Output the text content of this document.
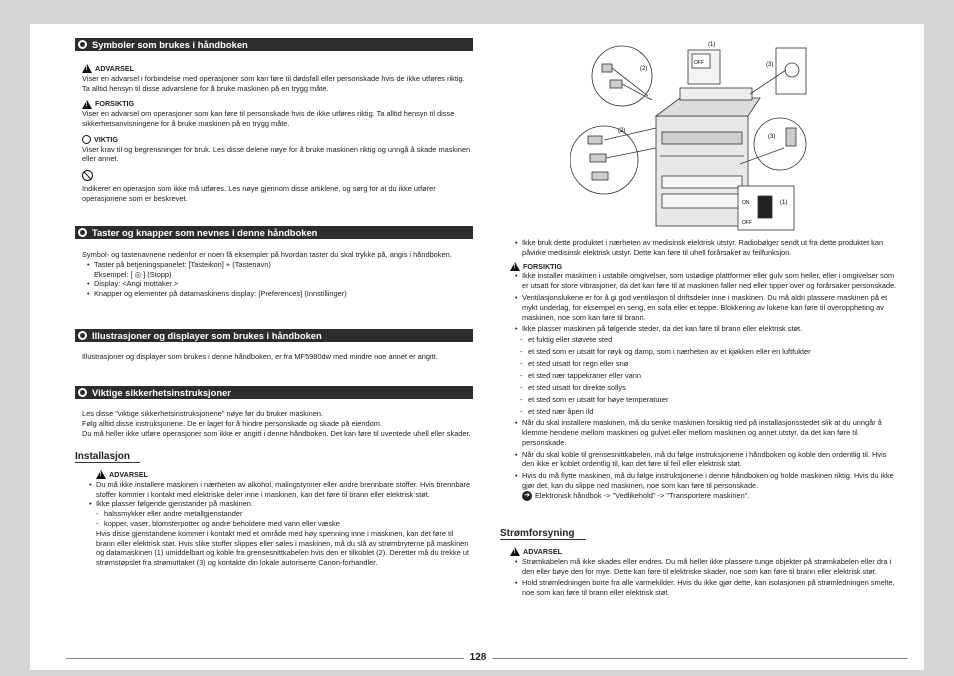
Symboler som brukes i håndboken
!
ADVARSEL
Viser en advarsel i forbindelse med operasjoner som kan føre til dødsfall eller personskade hvis de ikke utføres riktig. Ta alltid hensyn til disse advarslene for å bruke maskinen på en trygg måte.
!
FORSIKTIG
Viser en advarsel om operasjoner som kan føre til personskade hvis de ikke utføres riktig. Ta alltid hensyn til disse sikkerhetsanvisningene for å bruke maskinen på en trygg måte.
VIKTIG
Viser krav til og begrensninger for bruk. Les disse delene nøye for å bruke maskinen riktig og unngå å skade maskinen eller annet.
Indikerer en operasjon som ikke må utføres. Les nøye gjennom disse artiklene, og sørg for at du ikke utfører operasjonene som er beskrevet.
Taster og knapper som nevnes i denne håndboken
Symbol- og tastenavnene nedenfor er noen få eksempler på hvordan taster du skal trykke på, angis i håndboken.
• Taster på betjeningspanelet: [Tasteikon] + (Tastenavn)
Eksempel: [ ◎ ] (Stopp)
• Display: <Angi mottaker.>
• Knapper og elementer på datamaskinens display: [Preferences] (Innstillinger)
Illustrasjoner og displayer som brukes i håndboken
Illustrasjoner og displayer som brukes i denne håndboken, er fra MF5980dw med mindre noe annet er angitt.
Viktige sikkerhetsinstruksjoner
Les disse "viktige sikkerhetsinstruksjonene" nøye før du bruker maskinen.
Følg alltid disse instruksjonene. De er laget for å hindre personskade og skade på eiendom.
Du må heller ikke utføre operasjoner som ikke er angitt i denne håndboken. Det kan føre til uventede uhell eller skader.
Installasjon
!
ADVARSEL
• Du må ikke installere maskinen i nærheten av alkohol, malingstynner eller andre brennbare stoffer. Hvis brennbare stoffer kommer i kontakt med elektriske deler inne i maskinen, kan det føre til brann eller elektrisk støt.
• Ikke plasser følgende gjenstander på maskinen.
- halssmykker eller andre metallgjenstander
- kopper, vaser, blomsterpotter og andre beholdere med vann eller væske
Hvis disse gjenstandene kommer i kontakt med et område med høy spenning inne i maskinen, kan det føre til brann eller elektrisk støt. Hvis slike stoffer slippes eller søles i maskinen, må du slå av strømbryterne på maskinen og datamaskinen (1) umiddelbart og koble fra grensesnittkabelen hvis den er tilkoblet (2). Deretter må du trekke ut strømstøpslet fra strømuttaket (3) og kontakte din lokale autoriserte Canon-forhandler.
(1)
(2)
(3)
(2)
(3)
(1)
OFF
ON
OFF
• Ikke bruk dette produktet i nærheten av medisinsk elektrisk utstyr. Radiobølger sendt ut fra dette produktet kan påvirke medisinsk elektrisk utstyr. Dette kan føre til uhell forårsaket av feilfunksjon.
!
FORSIKTIG
• Ikke installer maskinen i ustabile omgivelser, som ustødige plattformer eller gulv som heller, eller i omgivelser som er utsatt for store vibrasjoner, da det kan føre til at maskinen faller ned eller tipper over og forårsaker personskade.
• Ventilasjonslukene er for å gi god ventilasjon til driftsdeler inne i maskinen. Du må aldri plassere maskinen på et mykt underlag, for eksempel en seng, en sofa eller et teppe. Blokkering av lukene kan føre til overoppheting av maskinen, noe som kan føre til brann.
• Ikke plasser maskinen på følgende steder, da det kan føre til brann eller elektrisk støt.
- et fuktig eller støvete sted
- et sted som er utsatt for røyk og damp, som i nærheten av et kjøkken eller en luftfukter
- et sted utsatt for regn eller snø
- et sted nær tappekraner eller vann
- et sted utsatt for direkte sollys
- et sted som er utsatt for høye temperaturer
- et sted nær åpen ild
• Når du skal installere maskinen, må du senke maskinen forsiktig ned på installasjonsstedet slik at du unngår å klemme hendene mellom maskinen og gulvet eller mellom maskinen og annet utstyr, da det kan føre til personskade.
• Når du skal koble til grensesnittkabelen, må du følge instruksjonene i håndboken og koble den ordentlig til. Hvis den ikke er koblet ordentlig til, kan det føre til feil eller elektrisk støt.
• Hvis du må flytte maskinen, må du følge instruksjonene i denne håndboken og holde maskinen riktig. Hvis du ikke gjør det, kan du slippe ned maskinen, noe som kan føre til personskade.
➜ Elektronisk håndbok -> "Vedlikehold" -> "Transportere maskinen".
Strømforsyning
!
ADVARSEL
• Strømkabelen må ikke skades eller endres. Du må heller ikke plassere tunge objekter på strømkabelen eller dra i den eller bøye den for mye. Dette kan føre til elektriske skader, noe som kan føre til brann eller elektrisk støt.
• Hold strømledningen borte fra alle varmekilder. Hvis du ikke gjør dette, kan isolasjonen på strømledningen smelte, noe som kan føre til brann eller elektrisk støt.
128
